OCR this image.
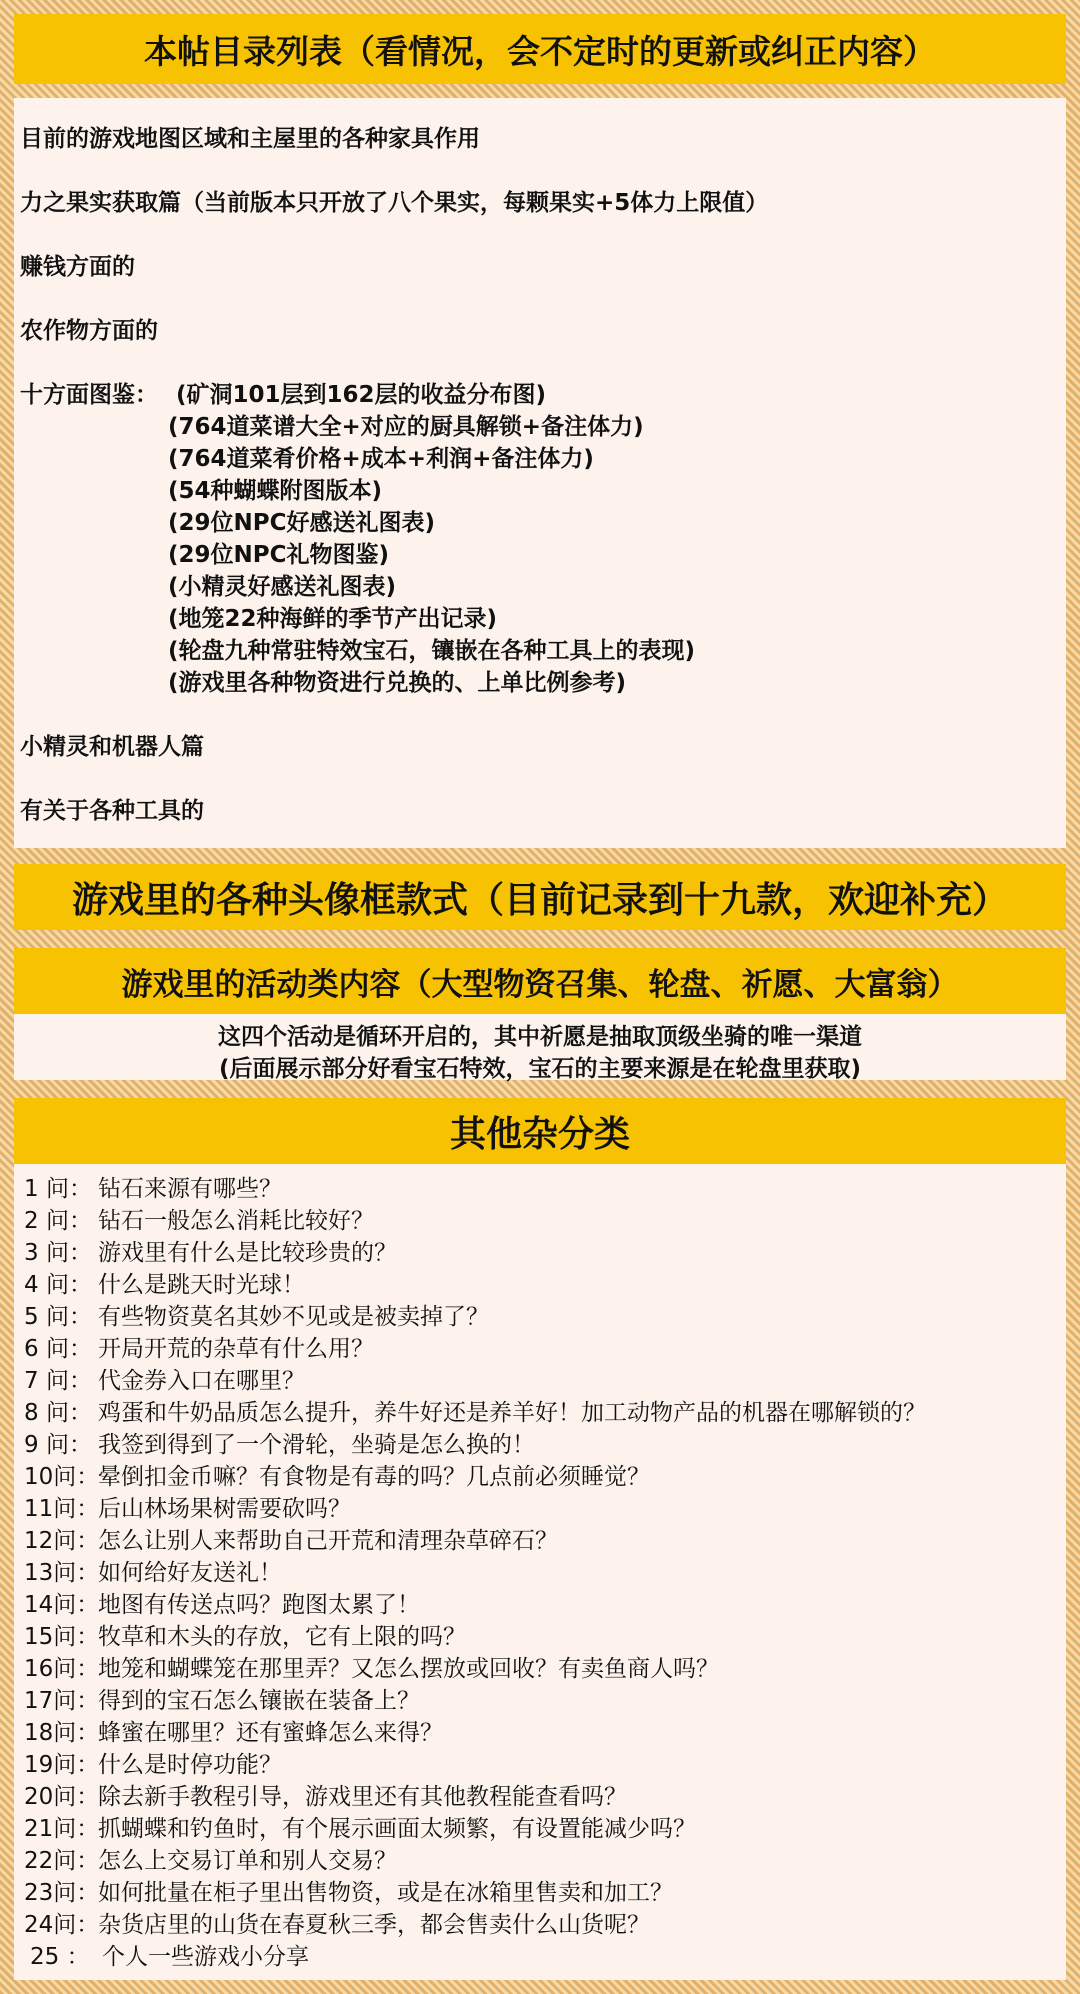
本帖目录列表（看情况，会不定时的更新或纠正内容）
目前的游戏地图区域和主屋里的各种家具作用
力之果实获取篇（当前版本只开放了八个果实，每颗果实+5体力上限值）
赚钱方面的
农作物方面的
十方面图鉴： (矿洞101层到162层的收益分布图)
(764道菜谱大全+对应的厨具解锁+备注体力)
(764道菜肴价格+成本+利润+备注体力)
(54种蝴蝶附图版本)
(29位NPC好感送礼图表)
(29位NPC礼物图鉴)
(小精灵好感送礼图表)
(地笼22种海鲜的季节产出记录)
(轮盘九种常驻特效宝石，镶嵌在各种工具上的表现)
(游戏里各种物资进行兑换的、上单比例参考)
小精灵和机器人篇
有关于各种工具的
游戏里的各种头像框款式（目前记录到十九款，欢迎补充）
游戏里的活动类内容（大型物资召集、轮盘、祈愿、大富翁）
这四个活动是循环开启的，其中祈愿是抽取顶级坐骑的唯一渠道
(后面展示部分好看宝石特效，宝石的主要来源是在轮盘里获取)
其他杂分类
1 问： 钻石来源有哪些？
2 问： 钻石一般怎么消耗比较好？
3 问： 游戏里有什么是比较珍贵的？
4 问： 什么是跳天时光球！
5 问： 有些物资莫名其妙不见或是被卖掉了？
6 问： 开局开荒的杂草有什么用？
7 问： 代金券入口在哪里？
8 问： 鸡蛋和牛奶品质怎么提升，养牛好还是养羊好！加工动物产品的机器在哪解锁的？
9 问： 我签到得到了一个滑轮，坐骑是怎么换的！
10问：
晕倒扣金币嘛？有食物是有毒的吗？几点前必须睡觉？
11问：
后山林场果树需要砍吗？
12问：
怎么让别人来帮助自己开荒和清理杂草碎石？
13问：
如何给好友送礼！
14问：
地图有传送点吗？跑图太累了！
15问：
牧草和木头的存放，它有上限的吗？
16问：
地笼和蝴蝶笼在那里弄？又怎么摆放或回收？有卖鱼商人吗？
17问：
得到的宝石怎么镶嵌在装备上？
18问：
蜂蜜在哪里？还有蜜蜂怎么来得？
19问：
什么是时停功能？
20问：
除去新手教程引导，游戏里还有其他教程能查看吗？
21问：
抓蝴蝶和钓鱼时，有个展示画面太频繁，有设置能减少吗？
22问：
怎么上交易订单和别人交易？
23问：
如何批量在柜子里出售物资，或是在冰箱里售卖和加工？
24问：
杂货店里的山货在春夏秋三季，都会售卖什么山货呢？
25 ： 个人一些游戏小分享
